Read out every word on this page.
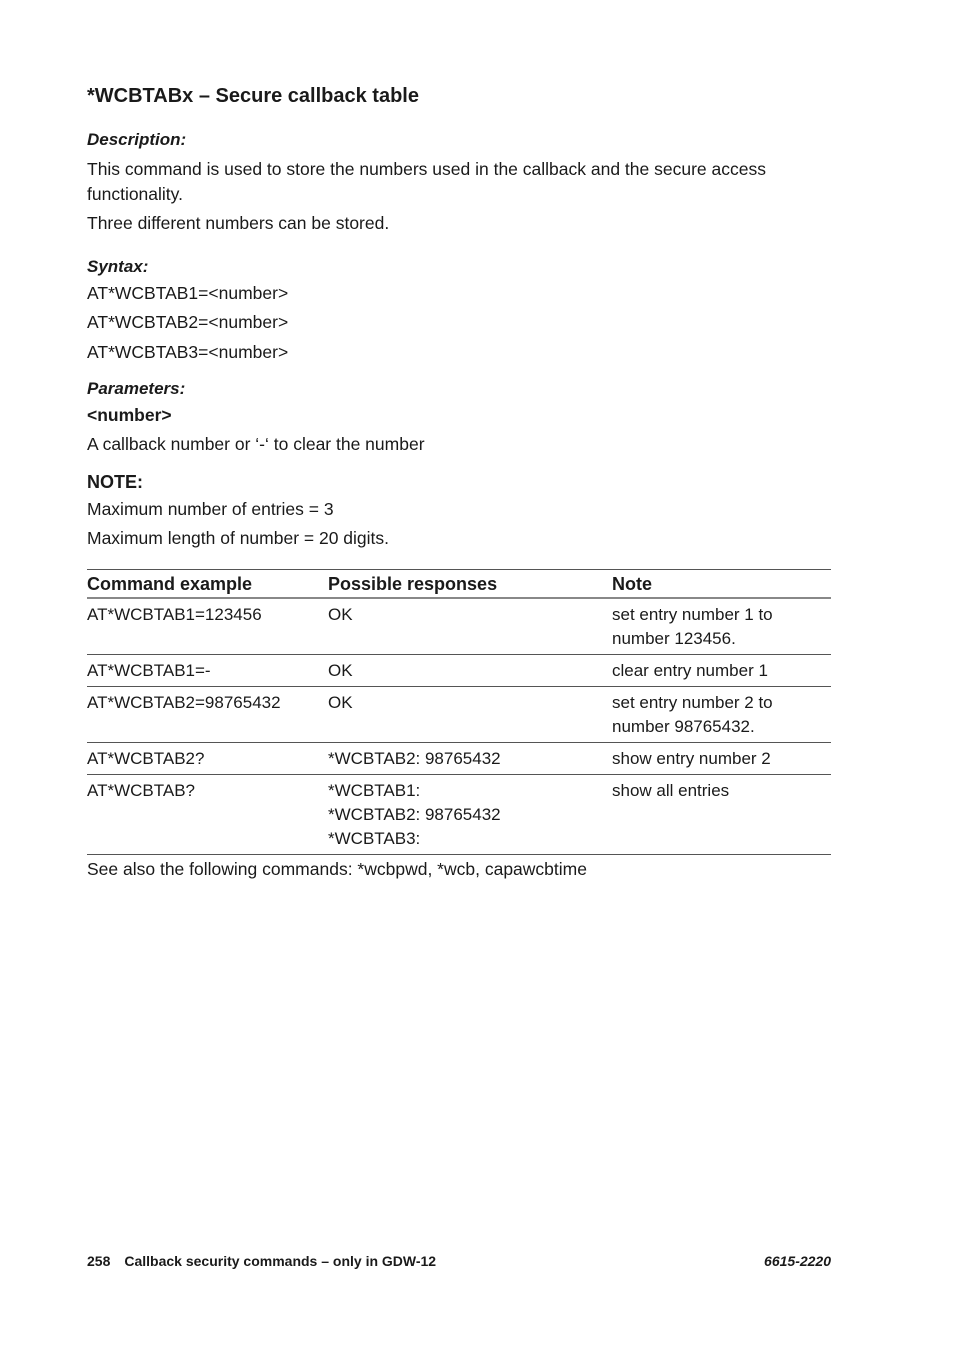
*WCBTABx – Secure callback table
Description:

This command is used to store the numbers used in the callback and the secure access functionality.

Three different numbers can be stored.

Syntax:
AT*WCBTAB1=<number>
AT*WCBTAB2=<number>
AT*WCBTAB3=<number>
Parameters:
<number>
A callback number or ‘-‘ to clear the number
NOTE:
Maximum number of entries = 3
Maximum length of number = 20 digits.
Command example	Possible responses	Note
AT*WCBTAB1=123456	OK	set entry number 1 to number 123456.
AT*WCBTAB1=-	OK	clear entry number 1
AT*WCBTAB2=98765432	OK	set entry number 2 to number 98765432.
AT*WCBTAB2?	*WCBTAB2: 98765432	show entry number 2
AT*WCBTAB?	*WCBTAB1:
*WCBTAB2: 98765432
*WCBTAB3:	show all entries
See also the following commands: *wcbpwd, *wcb, capawcbtime
258 Callback security commands – only in GDW-12	6615-2220
